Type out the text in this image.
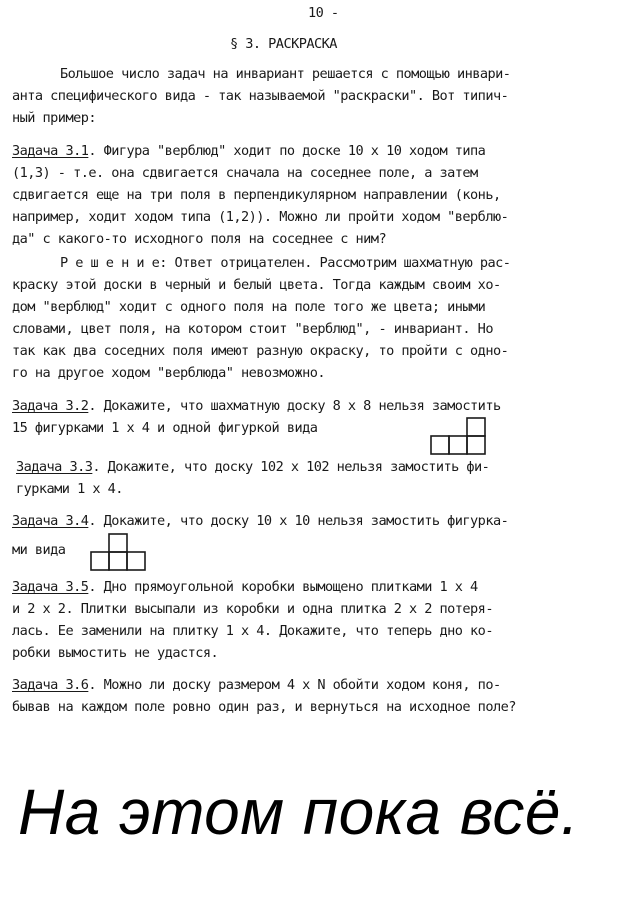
10 -
§ 3. РАСКРАСКА
Большое число задач на инвариант решается с помощью инвари-
анта специфического вида - так называемой "раскраски". Вот типич-
ный пример:
Задача 3.1. Фигура "верблюд" ходит по доске 10 x 10 ходом типа
(1,3) - т.е. она сдвигается сначала на соседнее поле, а затем
сдвигается еще на три поля в перпендикулярном направлении (конь,
например, ходит ходом типа (1,2)). Можно ли пройти ходом "верблю-
да" с какого-то исходного поля на соседнее с ним?
Р е ш е н и е: Ответ отрицателен. Рассмотрим шахматную рас-
краску этой доски в черный и белый цвета. Тогда каждым своим хо-
дом "верблюд" ходит с одного поля на поле того же цвета; иными
словами, цвет поля, на котором стоит "верблюд", - инвариант. Но
так как два соседних поля имеют разную окраску, то пройти с одно-
го на другое ходом "верблюда" невозможно.
Задача 3.2. Докажите, что шахматную доску 8 x 8 нельзя замостить
15 фигурками 1 x 4 и одной фигуркой вида
Задача 3.3. Докажите, что доску 102 x 102 нельзя замостить фи-
гурками 1 x 4.
Задача 3.4. Докажите, что доску 10 x 10 нельзя замостить фигурка-
ми вида
Задача 3.5. Дно прямоугольной коробки вымощено плитками 1 x 4
и 2 x 2. Плитки высыпали из коробки и одна плитка 2 x 2 потеря-
лась. Ее заменили на плитку 1 x 4. Докажите, что теперь дно ко-
робки вымостить не удастся.
Задача 3.6. Можно ли доску размером 4 x N обойти ходом коня, по-
бывав на каждом поле ровно один раз, и вернуться на исходное поле?
На этом пока всё.
